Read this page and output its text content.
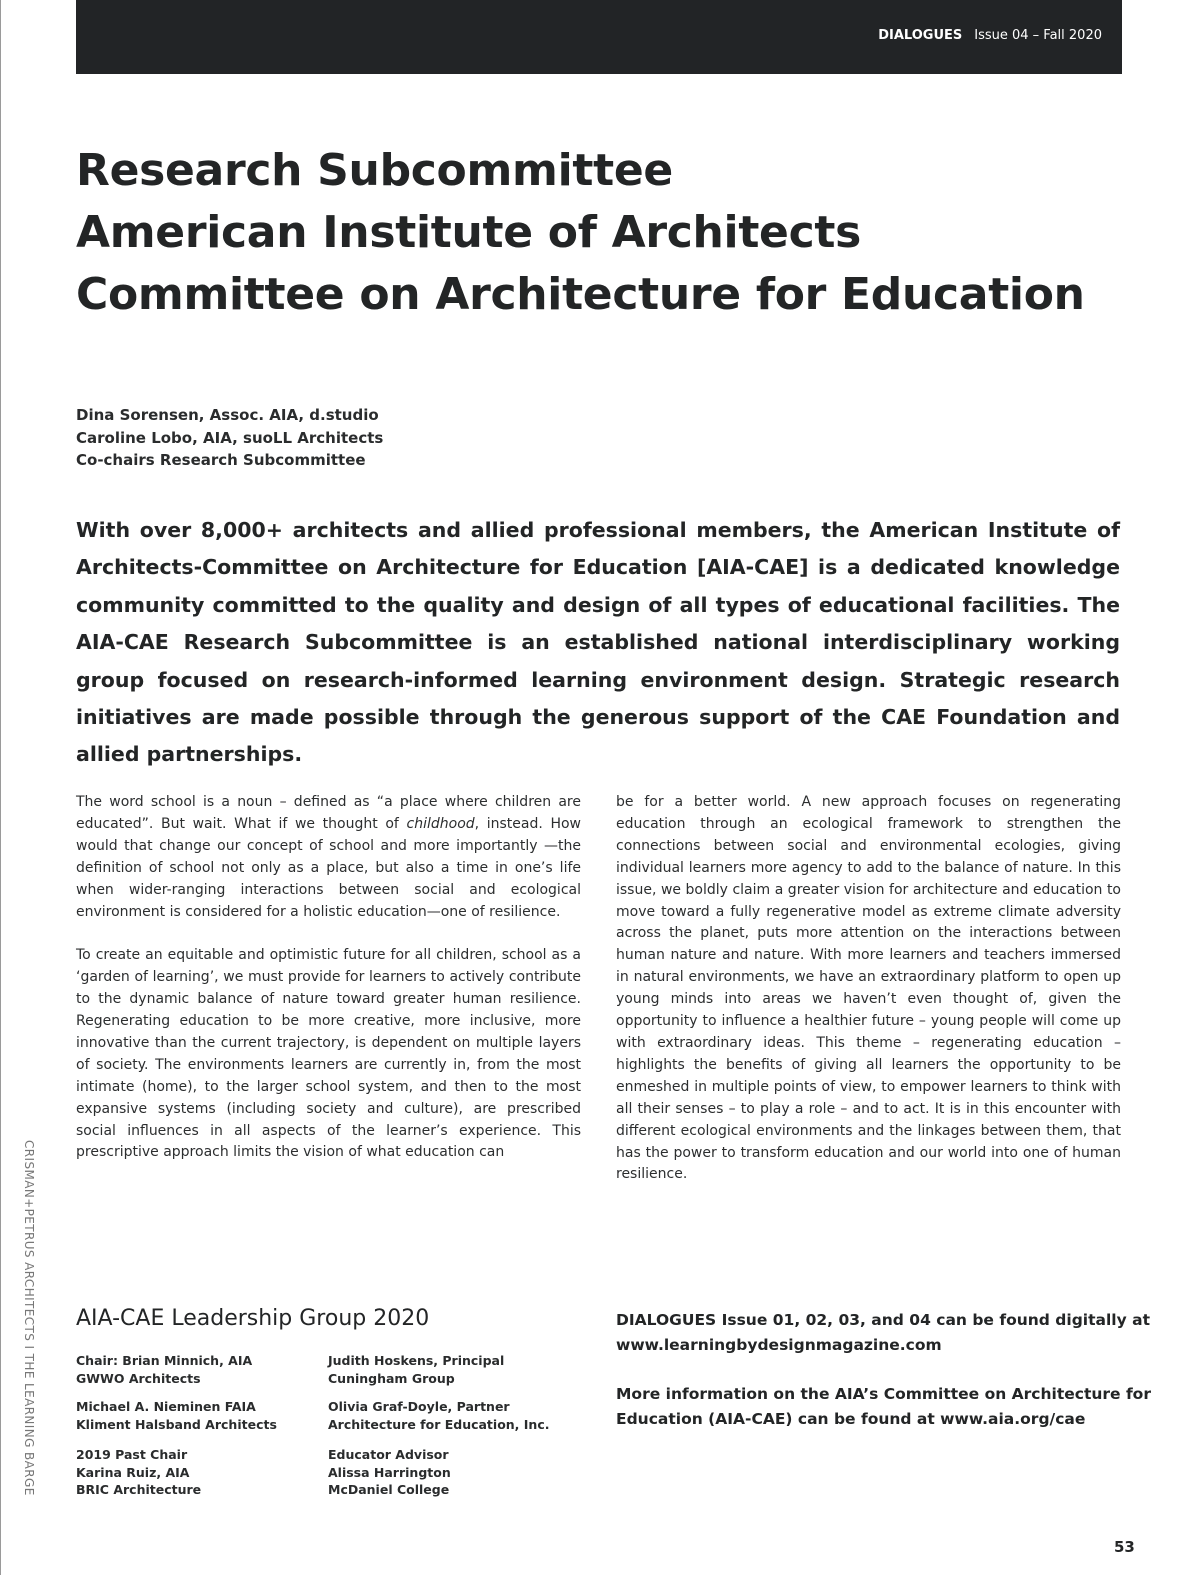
DIALOGUES Issue 04 – Fall 2020
Research Subcommittee
American Institute of Architects
Committee on Architecture for Education
Dina Sorensen, Assoc. AIA, d.studio
Caroline Lobo, AIA, suoLL Architects
Co-chairs Research Subcommittee

With over 8,000+ architects and allied professional members, the American Institute of Architects-Committee on Architecture for Education [AIA-CAE] is a dedicated knowledge community committed to the quality and design of all types of educational facilities. The AIA-CAE Research Subcommittee is an established national interdisciplinary working group focused on research-informed learning environment design. Strategic research initiatives are made possible through the generous support of the CAE Foundation and allied partnerships.

The word school is a noun – defined as “a place where children are educated”. But wait. What if we thought of childhood, instead. How would that change our concept of school and more importantly —the definition of school not only as a place, but also a time in one’s life when wider-ranging interactions between social and ecological environment is considered for a holistic education—one of resilience.

To create an equitable and optimistic future for all children, school as a ‘garden of learning’, we must provide for learners to actively contribute to the dynamic balance of nature toward greater human resilience. Regenerating education to be more creative, more inclusive, more innovative than the current trajectory, is dependent on multiple layers of society. The environments learners are currently in, from the most intimate (home), to the larger school system, and then to the most expansive systems (including society and culture), are prescribed social influences in all aspects of the learner’s experience. This prescriptive approach limits the vision of what education can

be for a better world. A new approach focuses on regenerating education through an ecological framework to strengthen the connections between social and environmental ecologies, giving individual learners more agency to add to the balance of nature. In this issue, we boldly claim a greater vision for architecture and education to move toward a fully regenerative model as extreme climate adversity across the planet, puts more attention on the interactions between human nature and nature. With more learners and teachers immersed in natural environments, we have an extraordinary platform to open up young minds into areas we haven’t even thought of, given the opportunity to influence a healthier future – young people will come up with extraordinary ideas. This theme – regenerating education – highlights the benefits of giving all learners the opportunity to be enmeshed in multiple points of view, to empower learners to think with all their senses – to play a role – and to act. It is in this encounter with different ecological environments and the linkages between them, that has the power to transform education and our world into one of human resilience.

CRISMAN+PETRUS ARCHITECTS I THE LEARNING BARGE AIA-CAE Leadership Group 2020
Chair: Brian Minnich, AIA
GWWO Architects
Judith Hoskens, Principal
Cuningham Group
Michael A. Nieminen FAIA
Kliment Halsband Architects
Olivia Graf-Doyle, Partner
Architecture for Education, Inc.
2019 Past Chair
Karina Ruiz, AIA
BRIC Architecture
Educator Advisor
Alissa Harrington
McDaniel College
DIALOGUES Issue 01, 02, 03, and 04 can be found digitally at
www.learningbydesignmagazine.com
More information on the AIA’s Committee on Architecture for
Education (AIA-CAE) can be found at www.aia.org/cae
53
